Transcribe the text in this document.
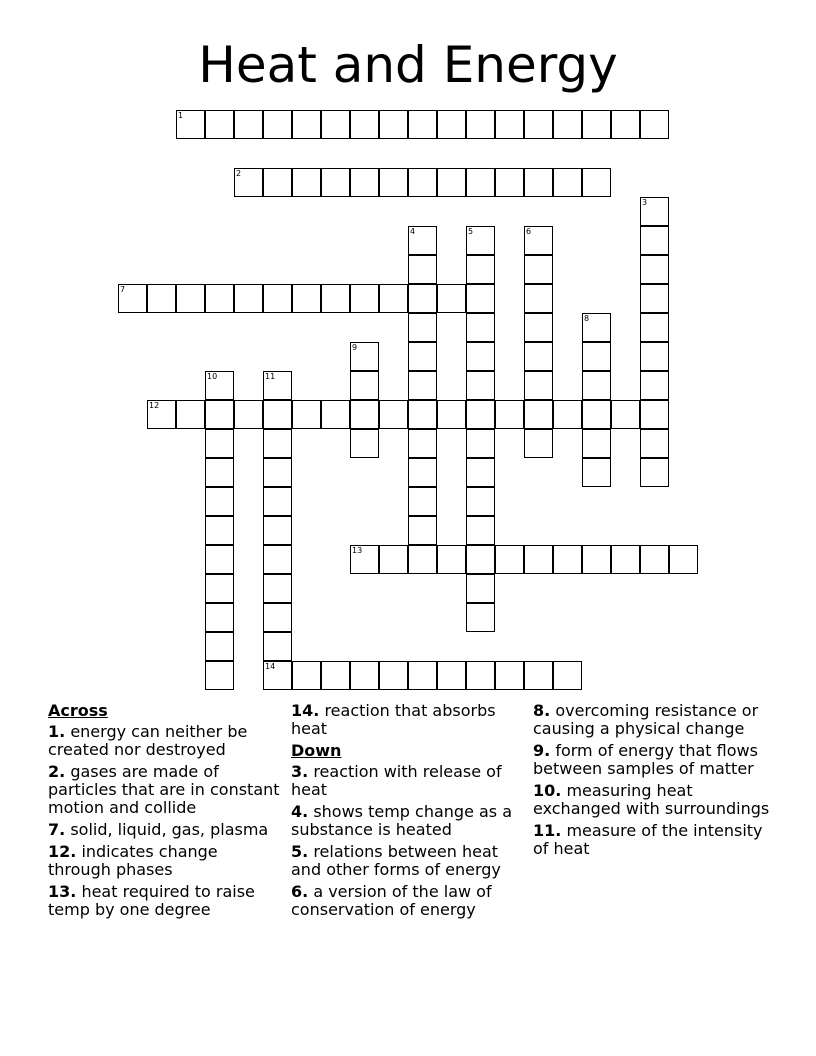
Heat and Energy
1
2
3
4	5	6
7
8
9
10	11
12
13
14
Across
1. energy can neither be created nor destroyed
2. gases are made of particles that are in constant motion and collide
7. solid, liquid, gas, plasma
12. indicates change through phases
13. heat required to raise temp by one degree
14. reaction that absorbs heat
Down
3. reaction with release of heat
4. shows temp change as a substance is heated
5. relations between heat and other forms of energy
6. a version of the law of conservation of energy
8. overcoming resistance or causing a physical change
9. form of energy that flows between samples of matter
10. measuring heat exchanged with surroundings
11. measure of the intensity of heat
